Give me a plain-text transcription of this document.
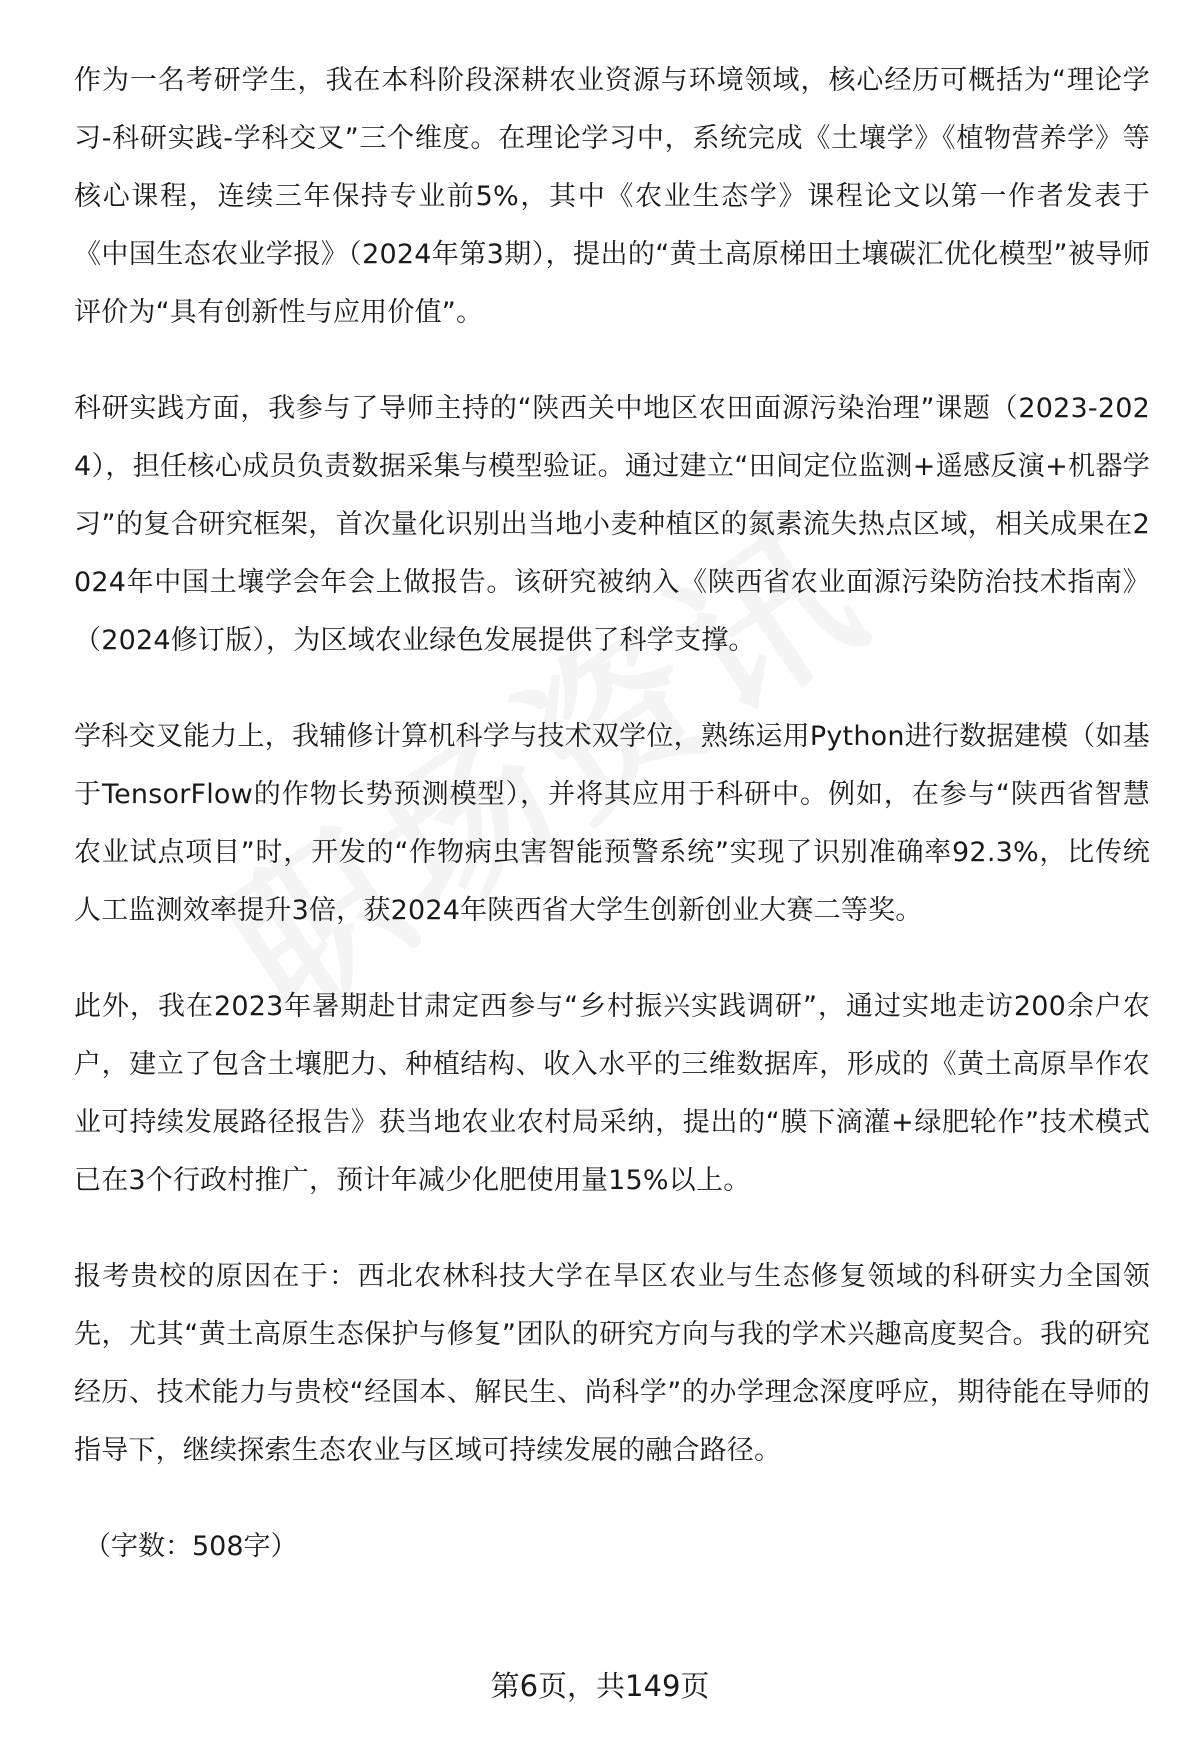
作为一名考研学生，我在本科阶段深耕农业资源与环境领域，核心经历可概括为“理论学习-科研实践-学科交叉”三个维度。在理论学习中，系统完成《土壤学》《植物营养学》等核心课程，连续三年保持专业前5%，其中《农业生态学》课程论文以第一作者发表于《中国生态农业学报》（2024年第3期），提出的“黄土高原梯田土壤碳汇优化模型”被导师评价为“具有创新性与应用价值”。

科研实践方面，我参与了导师主持的“陕西关中地区农田面源污染治理”课题（2023-2024），担任核心成员负责数据采集与模型验证。通过建立“田间定位监测+遥感反演+机器学习”的复合研究框架，首次量化识别出当地小麦种植区的氮素流失热点区域，相关成果在2024年中国土壤学会年会上做报告。该研究被纳入《陕西省农业面源污染防治技术指南》（2024修订版），为区域农业绿色发展提供了科学支撑。

学科交叉能力上，我辅修计算机科学与技术双学位，熟练运用Python进行数据建模（如基于TensorFlow的作物长势预测模型），并将其应用于科研中。例如，在参与“陕西省智慧农业试点项目”时，开发的“作物病虫害智能预警系统”实现了识别准确率92.3%，比传统人工监测效率提升3倍，获2024年陕西省大学生创新创业大赛二等奖。

此外，我在2023年暑期赴甘肃定西参与“乡村振兴实践调研”，通过实地走访200余户农户，建立了包含土壤肥力、种植结构、收入水平的三维数据库，形成的《黄土高原旱作农业可持续发展路径报告》获当地农业农村局采纳，提出的“膜下滴灌+绿肥轮作”技术模式已在3个行政村推广，预计年减少化肥使用量15%以上。

报考贵校的原因在于：西北农林科技大学在旱区农业与生态修复领域的科研实力全国领先，尤其“黄土高原生态保护与修复”团队的研究方向与我的学术兴趣高度契合。我的研究经历、技术能力与贵校“经国本、解民生、尚科学”的办学理念深度呼应，期待能在导师的指导下，继续探索生态农业与区域可持续发展的融合路径。

（字数：508字）

第6页，共149页
